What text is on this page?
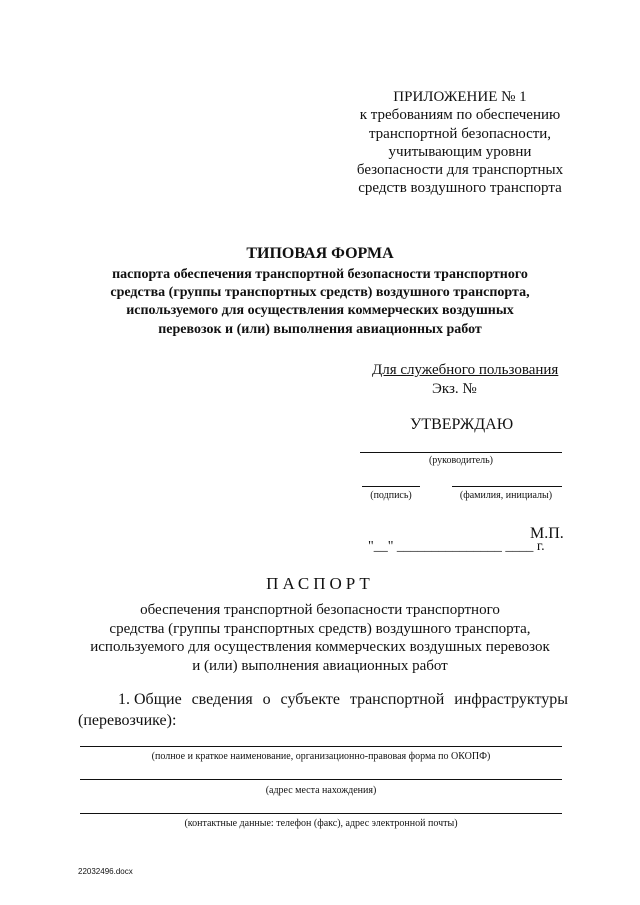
ПРИЛОЖЕНИЕ № 1
к требованиям по обеспечению
транспортной безопасности,
учитывающим уровни
безопасности для транспортных
средств воздушного транспорта
ТИПОВАЯ ФОРМА
паспорта обеспечения транспортной безопасности транспортного
средства (группы транспортных средств) воздушного транспорта,
используемого для осуществления коммерческих воздушных
перевозок и (или) выполнения авиационных работ
Для служебного пользования
Экз. №
УТВЕРЖДАЮ
(руководитель)
(подпись)	(фамилия, инициалы)
М.П.
"__" _______________ ____ г.
ПАСПОРТ
обеспечения транспортной безопасности транспортного
средства (группы транспортных средств) воздушного транспорта,
используемого для осуществления коммерческих воздушных перевозок
и (или) выполнения авиационных работ
1. Общие сведения о субъекте транспортной инфраструктуры
(перевозчике):
(полное и краткое наименование, организационно-правовая форма по ОКОПФ)
(адрес места нахождения)
(контактные данные: телефон (факс), адрес электронной почты)
22032496.docx
